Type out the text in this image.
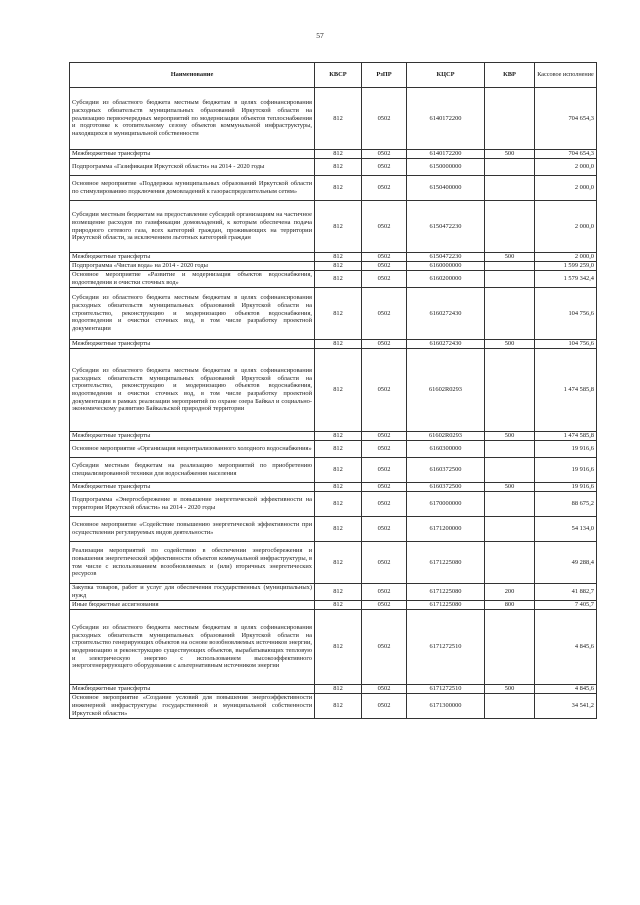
57
Наименование	КВСР	РзПР	КЦСР	КВР	Кассовое исполнение
Субсидии из областного бюджета местным бюджетам в целях софинансирования расходных обязательств муниципальных образований Иркутской области на реализацию первоочередных мероприятий по модернизации объектов теплоснабжения и подготовке к отопительному сезону объектов коммунальной инфраструктуры, находящихся в муниципальной собственности	812	0502	6140172200		704 654,3
Межбюджетные трансферты	812	0502	6140172200	500	704 654,3
Подпрограмма «Газификация Иркутской области» на 2014 - 2020 годы	812	0502	6150000000		2 000,0
Основное мероприятие «Поддержка муниципальных образований Иркутской области по стимулированию подключения домовладений к газораспределительным сетям»	812	0502	6150400000		2 000,0
Субсидии местным бюджетам на предоставление субсидий организациям на частичное возмещение расходов по газификации домовладений, к которым обеспечена подача природного сетевого газа, всех категорий граждан, проживающих на территории Иркутской области, за исключением льготных категорий граждан	812	0502	6150472230		2 000,0
Межбюджетные трансферты	812	0502	6150472230	500	2 000,0
Подпрограмма «Чистая вода» на 2014 - 2020 годы	812	0502	6160000000		1 599 259,0
Основное мероприятие «Развитие и модернизация объектов водоснабжения, водоотведения и очистки сточных вод»	812	0502	6160200000		1 579 342,4
Субсидии из областного бюджета местным бюджетам в целях софинансирования расходных обязательств муниципальных образований Иркутской области на строительство, реконструкцию и модернизацию объектов водоснабжения, водоотведения и очистки сточных вод, в том числе разработку проектной документации	812	0502	6160272430		104 756,6
Межбюджетные трансферты	812	0502	6160272430	500	104 756,6
Субсидии из областного бюджета местным бюджетам в целях софинансирования расходных обязательств муниципальных образований Иркутской области на строительство, реконструкцию и модернизацию объектов водоснабжения, водоотведения и очистки сточных вод, в том числе разработку проектной документации в рамках реализации мероприятий по охране озера Байкал и социально-экономическому развитию Байкальской природной территории	812	0502	61602R0293		1 474 585,8
Межбюджетные трансферты	812	0502	61602R0293	500	1 474 585,8
Основное мероприятие «Организация нецентрализованного холодного водоснабжения»	812	0502	6160300000		19 916,6
Субсидии местным бюджетам на реализацию мероприятий по приобретению специализированной техники для водоснабжения населения	812	0502	6160372500		19 916,6
Межбюджетные трансферты	812	0502	6160372500	500	19 916,6
Подпрограмма «Энергосбережение и повышение энергетической эффективности на территории Иркутской области» на 2014 - 2020 годы	812	0502	6170000000		88 675,2
Основное мероприятие «Содействие повышению энергетической эффективности при осуществлении регулируемых видов деятельности»	812	0502	6171200000		54 134,0
Реализация мероприятий по содействию в обеспечении энергосбережения и повышения энергетической эффективности объектов коммунальной инфраструктуры, в том числе с использованием возобновляемых и (или) вторичных энергетических ресурсов	812	0502	6171225080		49 288,4
Закупка товаров, работ и услуг для обеспечения государственных (муниципальных) нужд	812	0502	6171225080	200	41 882,7
Иные бюджетные ассигнования	812	0502	6171225080	800	7 405,7
Субсидии из областного бюджета местным бюджетам в целях софинансирования расходных обязательств муниципальных образований Иркутской области на строительство генерирующих объектов на основе возобновляемых источников энергии, модернизацию и реконструкцию существующих объектов, вырабатывающих тепловую и электрическую энергию с использованием высокоэффективного энергогенерирующего оборудования с альтернативным источником энергии	812	0502	6171272510		4 845,6
Межбюджетные трансферты	812	0502	6171272510	500	4 845,6
Основное мероприятие «Создание условий для повышения энергоэффективности инженерной инфраструктуры государственной и муниципальной собственности Иркутской области»	812	0502	6171300000		34 541,2
